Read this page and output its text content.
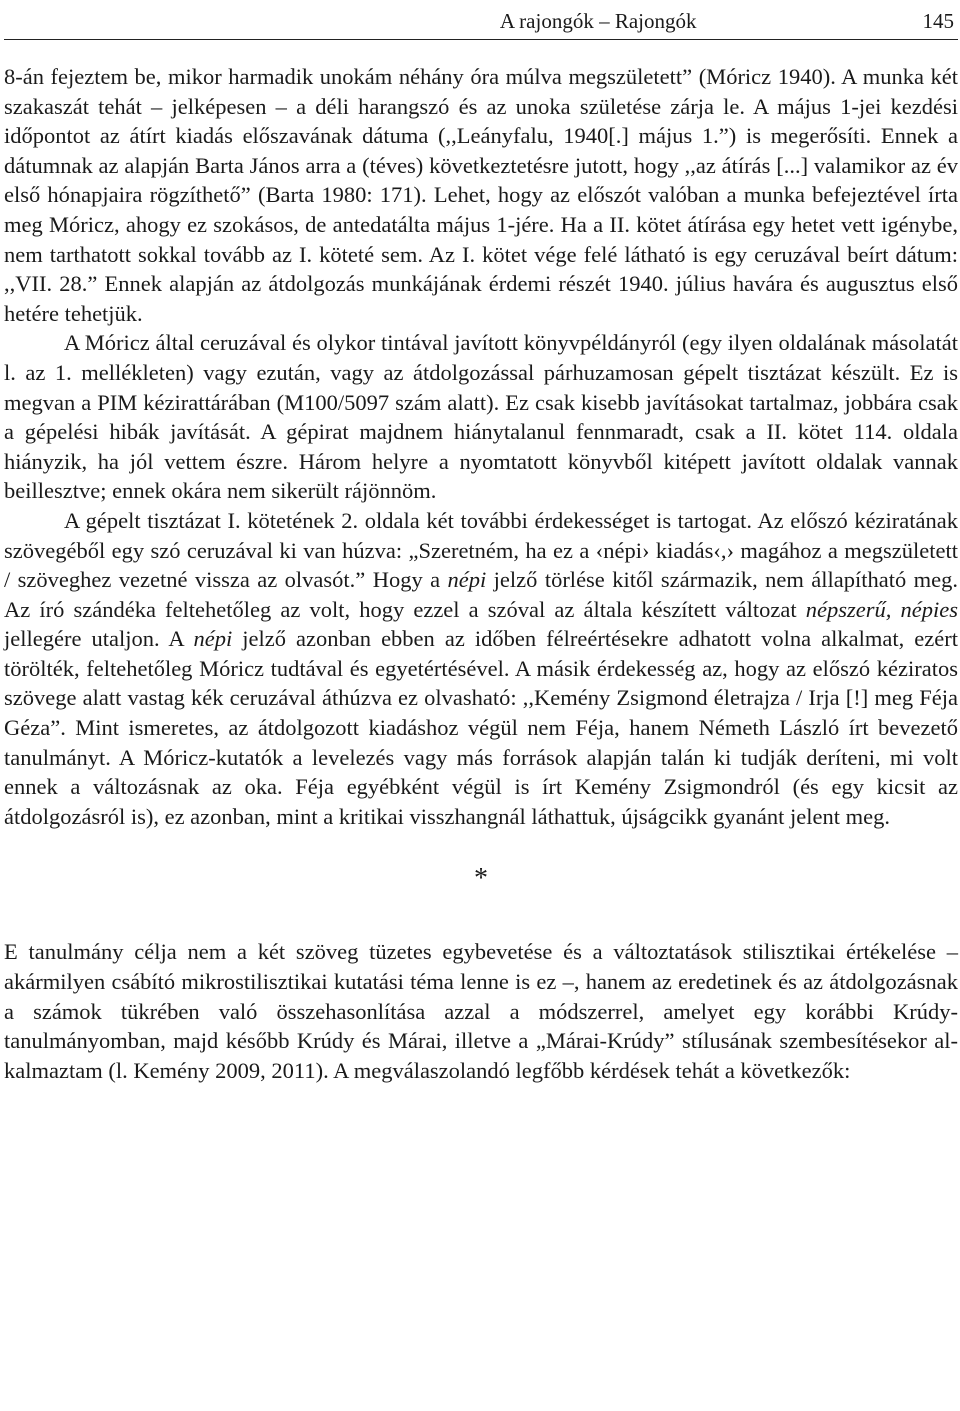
A rajongók – Rajongók	145

8-án fejeztem be, mikor harmadik unokám néhány óra múlva megszületett” (Móricz 1940). A munka két szakaszát tehát – jelképesen – a déli harangszó és az unoka születése zárja le. A május 1-jei kezdési időpontot az átírt kiadás előszavának dátuma (,,Leányfalu, 1940[.] május 1.”) is megerősíti. Ennek a dátumnak az alapján Barta János arra a (téves) következtetésre jutott, hogy ,,az átírás [...] valamikor az év első hónapjaira rögzíthető” (Barta 1980: 171). Lehet, hogy az előszót valóban a munka befejeztével írta meg Móricz, ahogy ez szokásos, de antedatálta május 1-jére. Ha a II. kötet átírása egy hetet vett igénybe, nem tarthatott sokkal tovább az I. köteté sem. Az I. kötet vége felé látható is egy ceruzával beírt dátum: ,,VII. 28.” Ennek alapján az átdolgozás munkájának érdemi részét 1940. július havára és augusztus első hetére tehetjük.

A Móricz által ceruzával és olykor tintával javított könyvpéldányról (egy ilyen oldalának másolatát l. az 1. mellékleten) vagy ezután, vagy az átdolgozással párhuzamosan gépelt tisztázat készült. Ez is megvan a PIM kézirattárában (M100/5097 szám alatt). Ez csak kisebb javításokat tartalmaz, jobbára csak a gépelési hibák javítását. A gépirat majdnem hiánytalanul fennmaradt, csak a II. kötet 114. oldala hiányzik, ha jól vettem észre. Három helyre a nyomtatott könyvből kitépett javított oldalak vannak beillesztve; ennek okára nem sikerült rájönnöm.

A gépelt tisztázat I. kötetének 2. oldala két további érdekességet is tartogat. Az előszó kéziratának szövegéből egy szó ceruzával ki van húzva: „Szeretném, ha ez a ‹népi› kiadás‹,› magához a megszületett / szöveghez vezetné vissza az olvasót.” Hogy a népi jelző törlése kitől származik, nem állapítható meg. Az író szándéka feltehetőleg az volt, hogy ezzel a szóval az általa készített változat népszerű, népies jellegére utaljon. A népi jelző azonban ebben az időben félreértésekre adhatott volna alkalmat, ezért törölték, feltehetőleg Móricz tudtával és egyetértésével. A másik érdekesség az, hogy az előszó kéziratos szövege alatt vastag kék ceruzával áthúzva ez olvasható: ,,Kemény Zsigmond életrajza / Irja [!] meg Féja Géza”. Mint ismeretes, az átdolgozott kiadáshoz végül nem Féja, hanem Németh László írt bevezető tanulmányt. A Móricz-kutatók a levelezés vagy más források alapján talán ki tudják deríteni, mi volt ennek a változásnak az oka. Féja egyébként végül is írt Kemény Zsigmondról (és egy kicsit az átdolgozásról is), ez azonban, mint a kritikai visszhangnál láthattuk, újságcikk gyanánt jelent meg.

*

E tanulmány célja nem a két szöveg tüzetes egybevetése és a változtatások stilisztikai értékelése – akármilyen csábító mikrostilisztikai kutatási téma lenne is ez –, hanem az eredetinek és az átdolgozásnak a számok tükrében való összehasonlítása azzal a módszerrel, amelyet egy korábbi Krúdy-tanulmányomban, majd később Krúdy és Márai, illetve a „Márai-Krúdy” stílusának szembesítésekor alkalmaztam (l. Kemény 2009, 2011). A megválaszolandó legfőbb kérdések tehát a következők:
